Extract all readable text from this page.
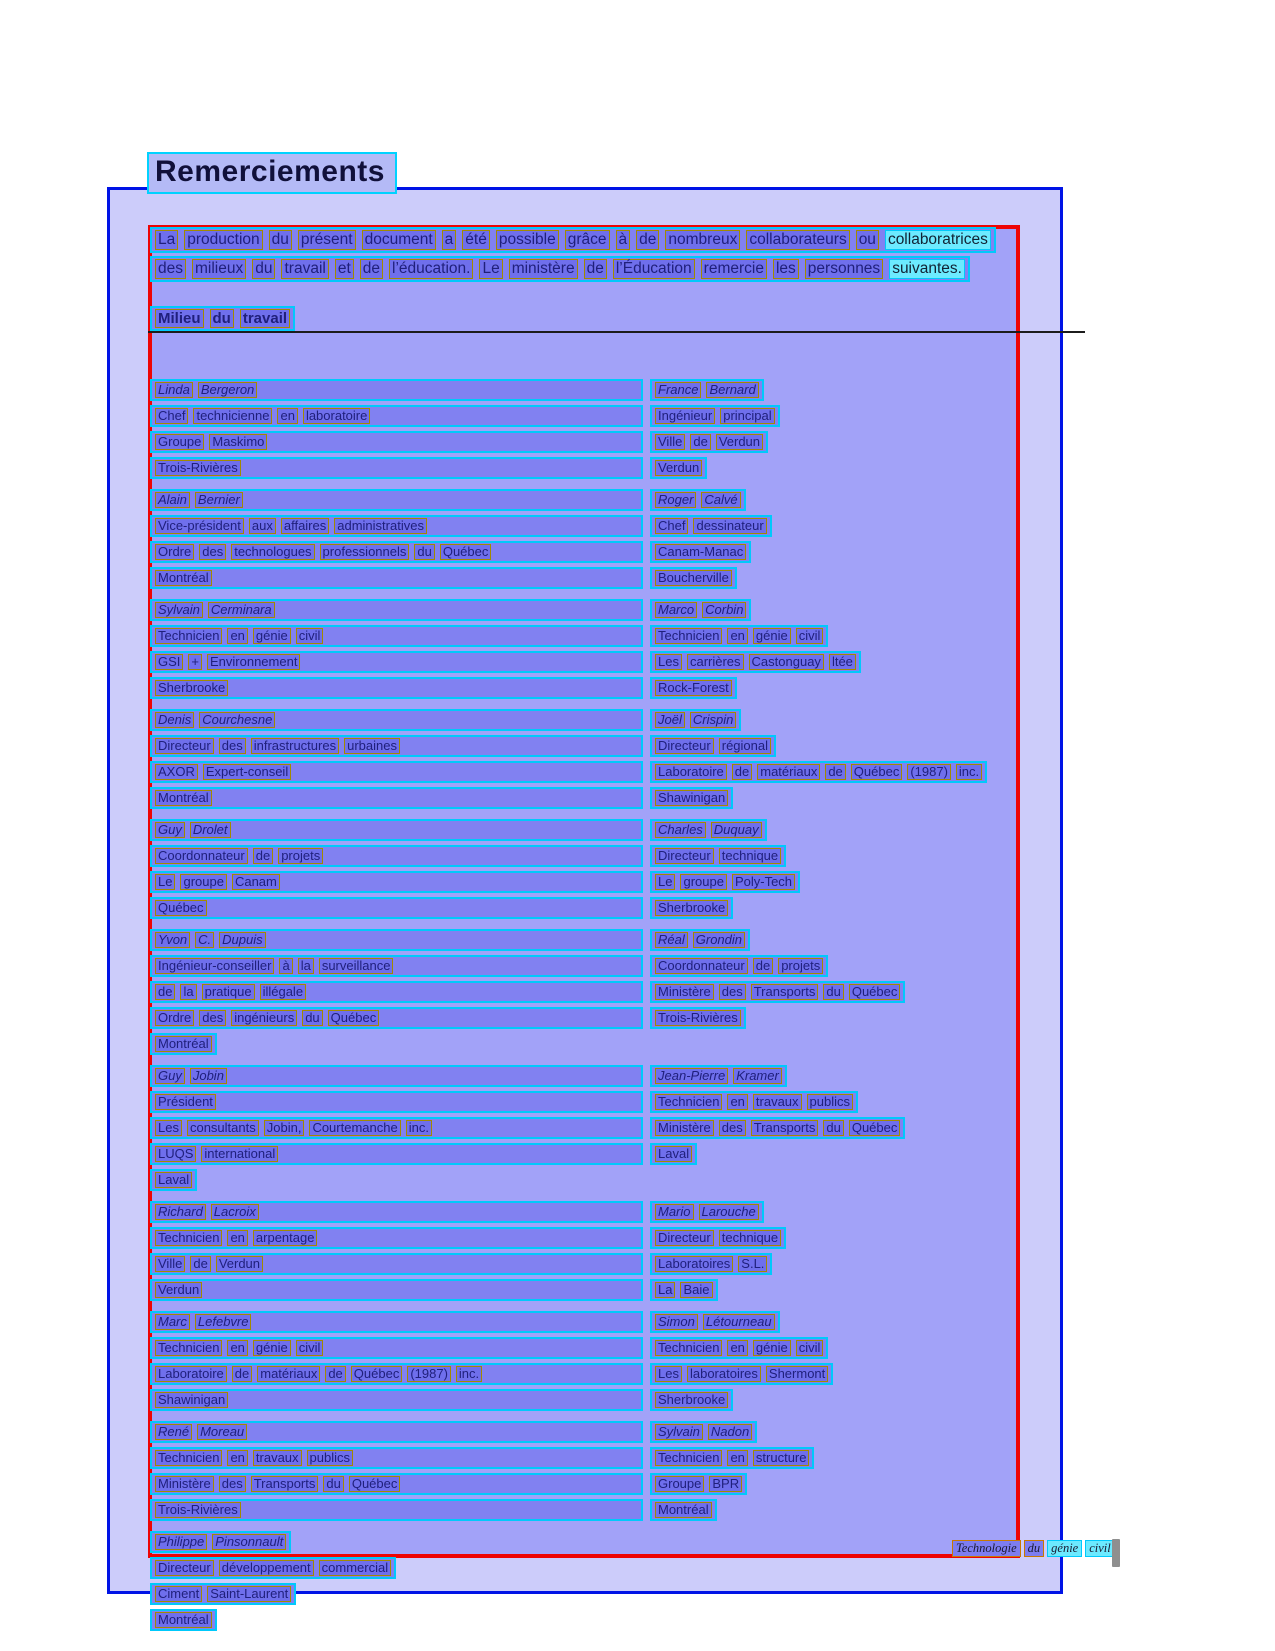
Remerciements
La production du présent document a été possible grâce à de nombreux collaborateurs ou collaboratrices
des milieux du travail et de l’éducation. Le ministère de l’Éducation remercie les personnes suivantes.
Milieu du travail
Linda Bergeron	France Bernard
Chef technicienne en laboratoire	Ingénieur principal
Groupe Maskimo	Ville de Verdun
Trois-Rivières	Verdun
Alain Bernier	Roger Calvé
Vice-président aux affaires administratives	Chef dessinateur
Ordre des technologues professionnels du Québec	Canam-Manac
Montréal	Boucherville
Sylvain Cerminara	Marco Corbin
Technicien en génie civil	Technicien en génie civil
GSI + Environnement	Les carrières Castonguay ltée
Sherbrooke	Rock-Forest
Denis Courchesne	Joël Crispin
Directeur des infrastructures urbaines	Directeur régional
AXOR Expert-conseil	Laboratoire de matériaux de Québec (1987) inc.
Montréal	Shawinigan
Guy Drolet	Charles Duquay
Coordonnateur de projets	Directeur technique
Le groupe Canam	Le groupe Poly-Tech
Québec	Sherbrooke
Yvon C. Dupuis	Réal Grondin
Ingénieur-conseiller à la surveillance	Coordonnateur de projets
de la pratique illégale	Ministère des Transports du Québec
Ordre des ingénieurs du Québec	Trois-Rivières
Montréal
Guy Jobin	Jean-Pierre Kramer
Président	Technicien en travaux publics
Les consultants Jobin, Courtemanche inc.	Ministère des Transports du Québec
LUQS international	Laval
Laval
Richard Lacroix	Mario Larouche
Technicien en arpentage	Directeur technique
Ville de Verdun	Laboratoires S.L.
Verdun	La Baie
Marc Lefebvre	Simon Létourneau
Technicien en génie civil	Technicien en génie civil
Laboratoire de matériaux de Québec (1987) inc.	Les laboratoires Shermont
Shawinigan	Sherbrooke
René Moreau	Sylvain Nadon
Technicien en travaux publics	Technicien en structure
Ministère des Transports du Québec	Groupe BPR
Trois-Rivières	Montréal
Philippe Pinsonnault
Directeur développement commercial
Ciment Saint-Laurent
Montréal
Technologie du génie civil
